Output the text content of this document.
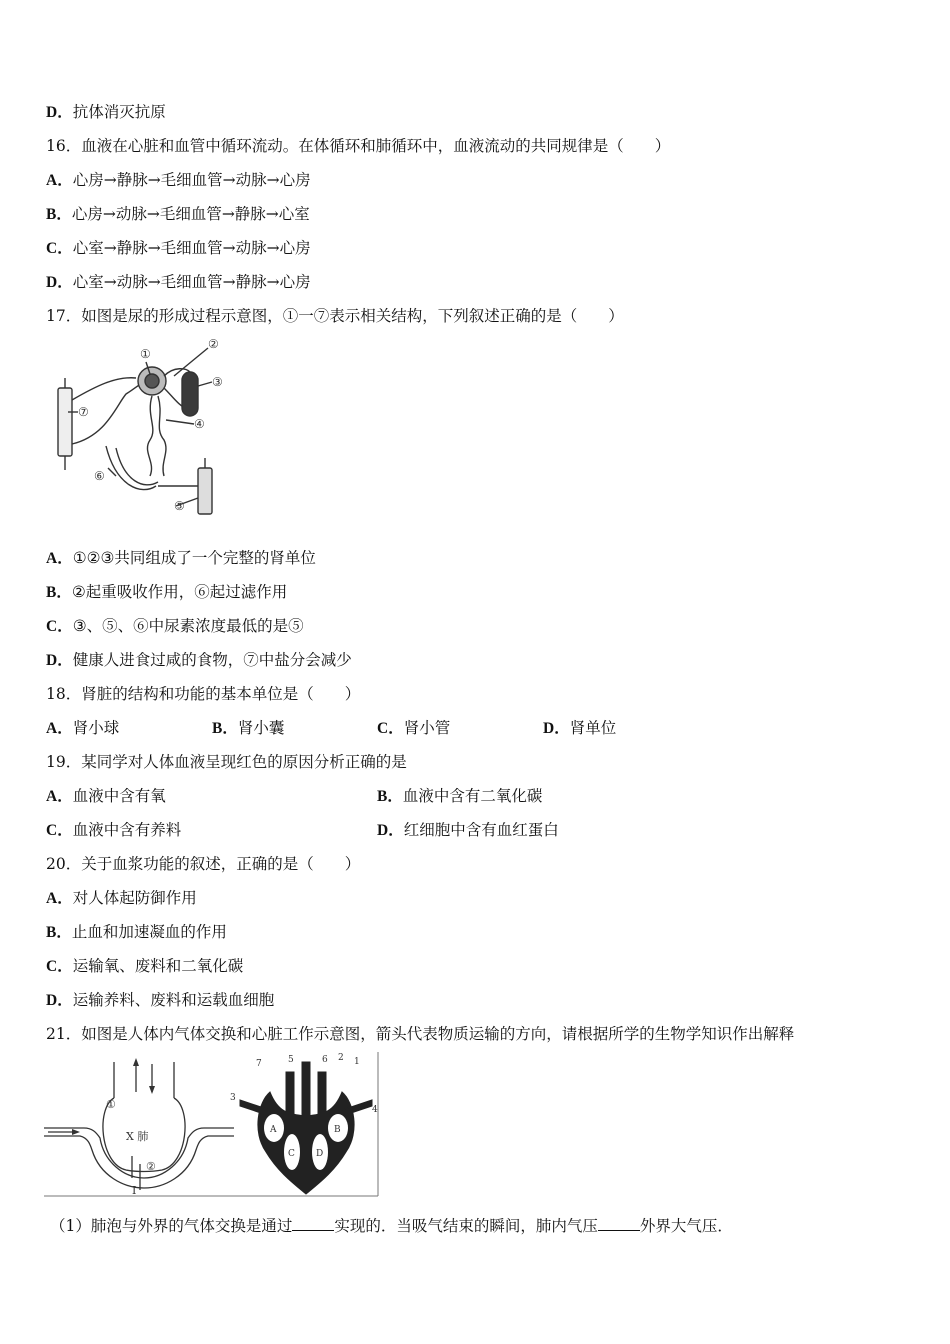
D．抗体消灭抗原
16．血液在心脏和血管中循环流动。在体循环和肺循环中，血液流动的共同规律是（　　）
A．心房→静脉→毛细血管→动脉→心房
B．心房→动脉→毛细血管→静脉→心室
C．心室→静脉→毛细血管→动脉→心房
D．心室→动脉→毛细血管→静脉→心房
17．如图是尿的形成过程示意图，①一⑦表示相关结构，下列叙述正确的是（　　）
①
②
③
④
⑤
⑥
⑦
A．①②③共同组成了一个完整的肾单位
B．②起重吸收作用，⑥起过滤作用
C．③、⑤、⑥中尿素浓度最低的是⑤
D．健康人进食过咸的食物，⑦中盐分会减少
18．肾脏的结构和功能的基本单位是（　　）
A．肾小球	B．肾小囊	C．肾小管	D．肾单位
19．某同学对人体血液呈现红色的原因分析正确的是
A．血液中含有氧	B．血液中含有二氧化碳
C．血液中含有养料	D．红细胞中含有血红蛋白
20．关于血浆功能的叙述，正确的是（　　）
A．对人体起防御作用
B．止血和加速凝血的作用
C．运输氧、废料和二氧化碳
D．运输养料、废料和运载血细胞
21．如图是人体内气体交换和心脏工作示意图，箭头代表物质运输的方向，请根据所学的生物学知识作出解释
①
②
I
X 肺
1
2
3
4
5	6
7
A	B
C D
（1）肺泡与外界的气体交换是通过	实现的．当吸气结束的瞬间，肺内气压	外界大气压．
